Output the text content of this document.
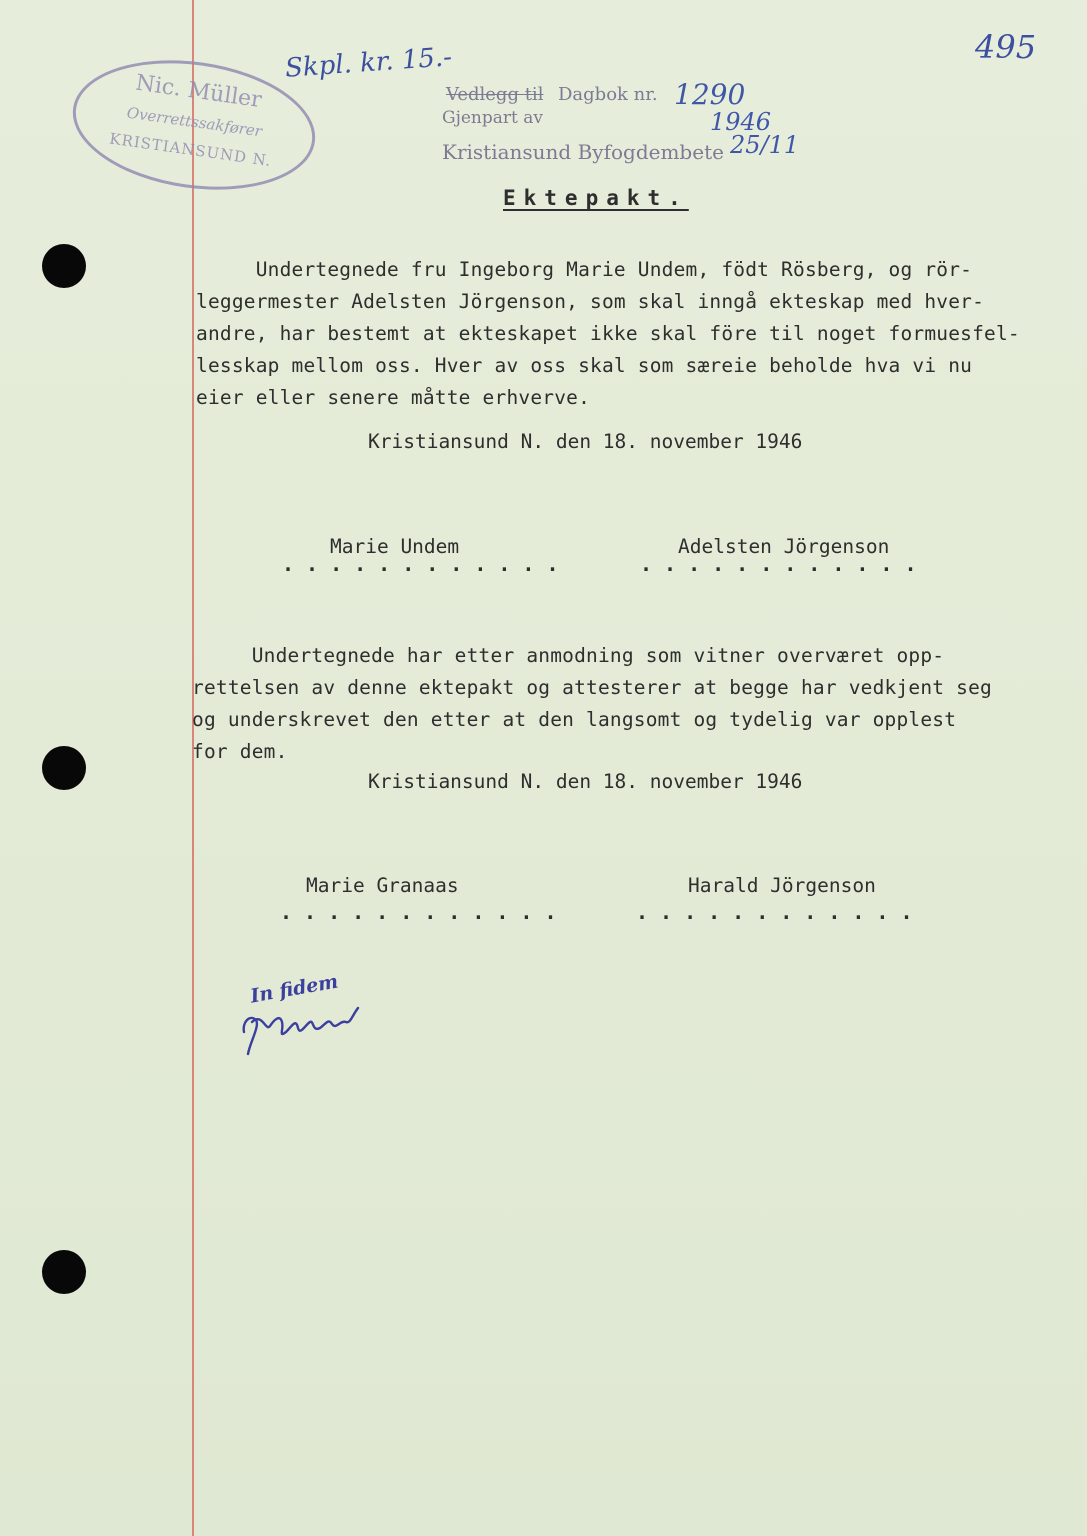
Nic. Müller
Overrettssakfører
KRISTIANSUND N.
Skpl. kr. 15.-	495
Vedlegg til Dagbok nr. 1290
Gjenpart av	1946
Kristiansund Byfogdembete 25/11
Ektepakt.
Undertegnede fru Ingeborg Marie Undem, födt Rösberg, og rör-
leggermester Adelsten Jörgenson, som skal inngå ekteskap med hver-
andre, har bestemt at ekteskapet ikke skal före til noget formuesfel-
lesskap mellom oss. Hver av oss skal som særeie beholde hva vi nu
eier eller senere måtte erhverve.
Kristiansund N. den 18. november 1946
Marie Undem	Adelsten Jörgenson
............	............
Undertegnede har etter anmodning som vitner overværet opp-
rettelsen av denne ektepakt og attesterer at begge har vedkjent seg
og underskrevet den etter at den langsomt og tydelig var opplest
for dem.
Kristiansund N. den 18. november 1946
Marie Granaas	Harald Jörgenson
............	............
In fidem
